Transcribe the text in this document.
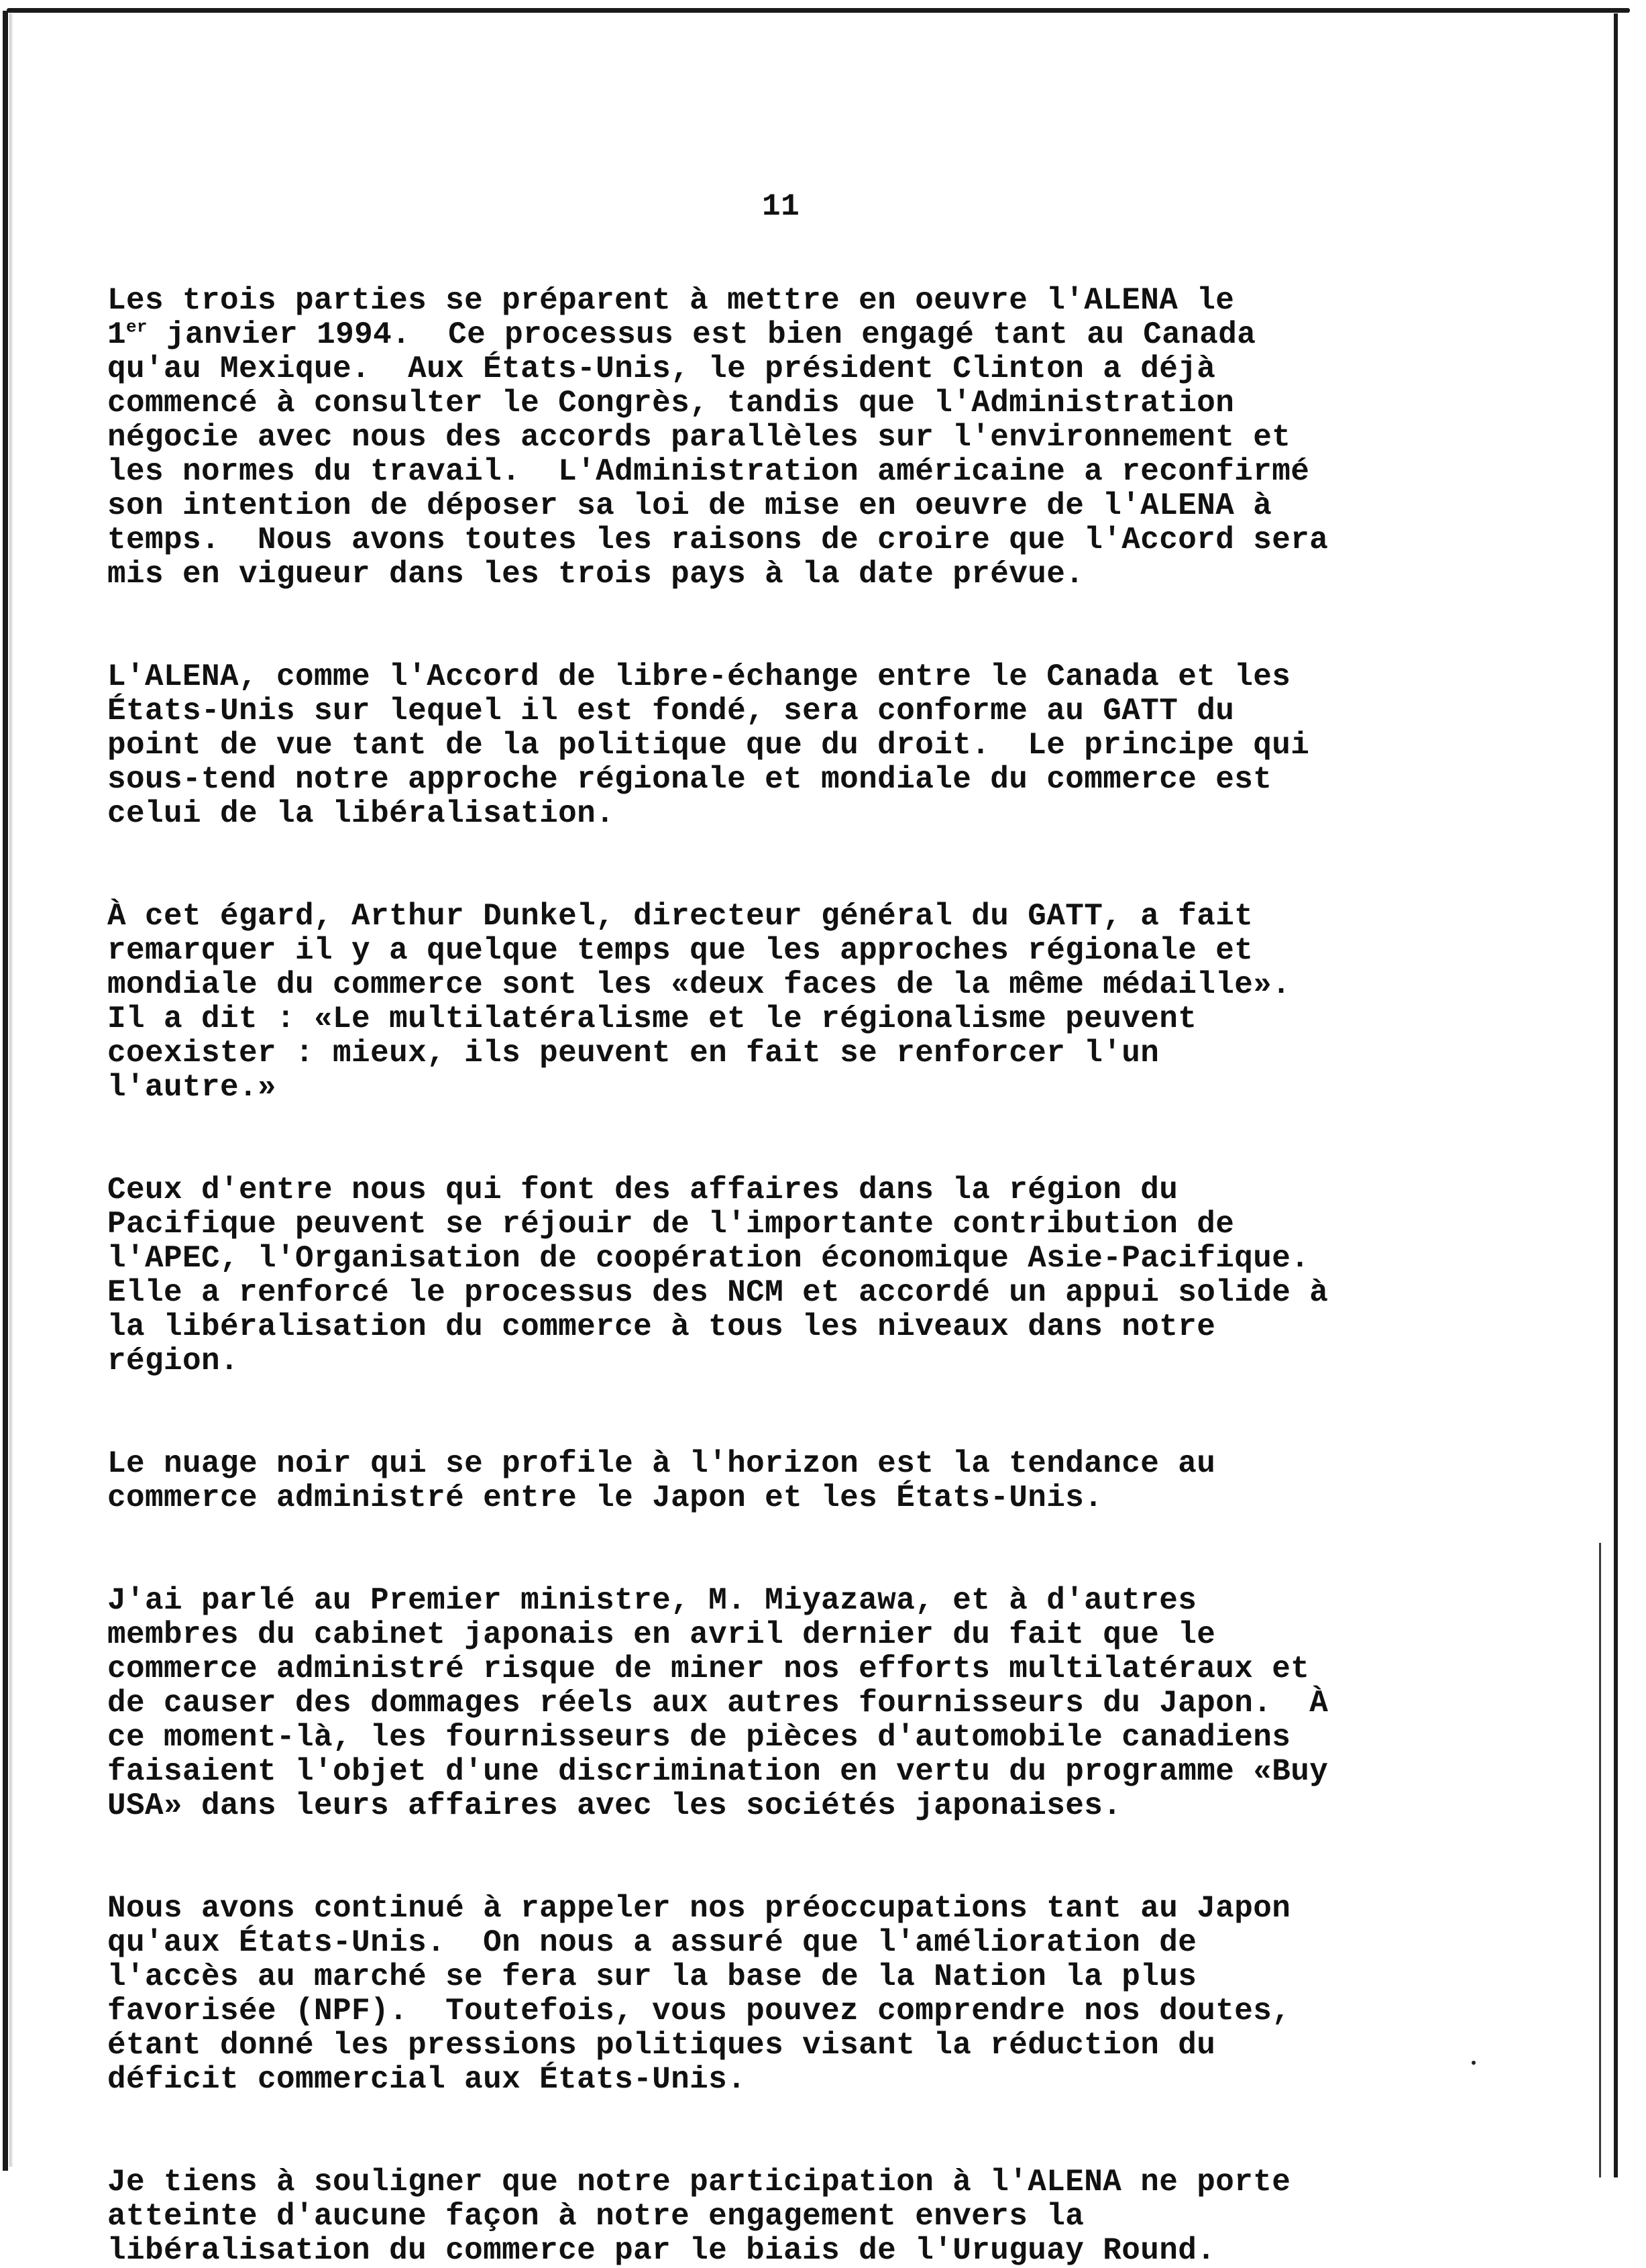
11

Les trois parties se préparent à mettre en oeuvre l'ALENA le
1er janvier 1994.  Ce processus est bien engagé tant au Canada
qu'au Mexique.  Aux États-Unis, le président Clinton a déjà
commencé à consulter le Congrès, tandis que l'Administration
négocie avec nous des accords parallèles sur l'environnement et
les normes du travail.  L'Administration américaine a reconfirmé
son intention de déposer sa loi de mise en oeuvre de l'ALENA à
temps.  Nous avons toutes les raisons de croire que l'Accord sera
mis en vigueur dans les trois pays à la date prévue.

L'ALENA, comme l'Accord de libre-échange entre le Canada et les
États-Unis sur lequel il est fondé, sera conforme au GATT du
point de vue tant de la politique que du droit.  Le principe qui
sous-tend notre approche régionale et mondiale du commerce est
celui de la libéralisation.

À cet égard, Arthur Dunkel, directeur général du GATT, a fait
remarquer il y a quelque temps que les approches régionale et
mondiale du commerce sont les «deux faces de la même médaille».
Il a dit : «Le multilatéralisme et le régionalisme peuvent
coexister : mieux, ils peuvent en fait se renforcer l'un
l'autre.»

Ceux d'entre nous qui font des affaires dans la région du
Pacifique peuvent se réjouir de l'importante contribution de
l'APEC, l'Organisation de coopération économique Asie-Pacifique.
Elle a renforcé le processus des NCM et accordé un appui solide à
la libéralisation du commerce à tous les niveaux dans notre
région.

Le nuage noir qui se profile à l'horizon est la tendance au
commerce administré entre le Japon et les États-Unis.

J'ai parlé au Premier ministre, M. Miyazawa, et à d'autres
membres du cabinet japonais en avril dernier du fait que le
commerce administré risque de miner nos efforts multilatéraux et
de causer des dommages réels aux autres fournisseurs du Japon.  À
ce moment-là, les fournisseurs de pièces d'automobile canadiens
faisaient l'objet d'une discrimination en vertu du programme «Buy
USA» dans leurs affaires avec les sociétés japonaises.

Nous avons continué à rappeler nos préoccupations tant au Japon
qu'aux États-Unis.  On nous a assuré que l'amélioration de
l'accès au marché se fera sur la base de la Nation la plus
favorisée (NPF).  Toutefois, vous pouvez comprendre nos doutes,
étant donné les pressions politiques visant la réduction du
déficit commercial aux États-Unis.

Je tiens à souligner que notre participation à l'ALENA ne porte
atteinte d'aucune façon à notre engagement envers la
libéralisation du commerce par le biais de l'Uruguay Round.
